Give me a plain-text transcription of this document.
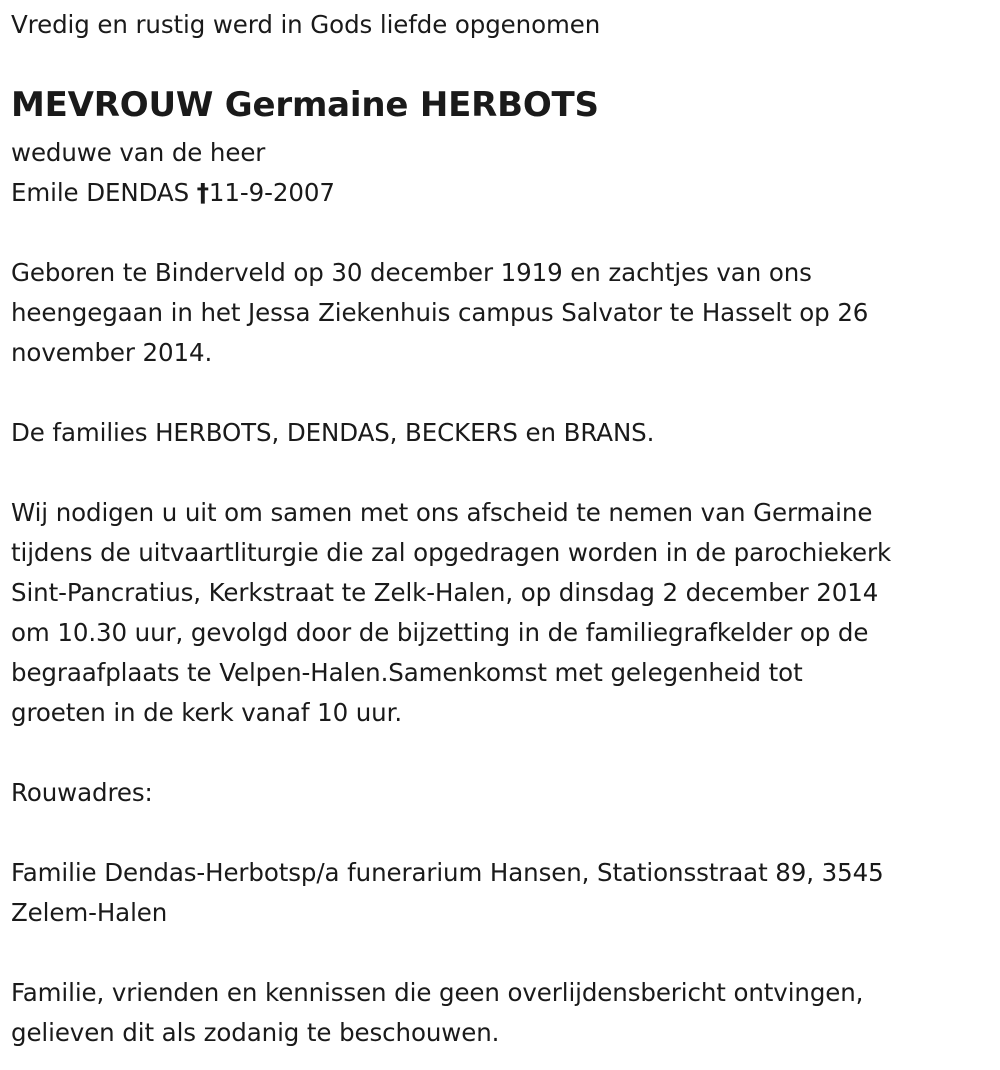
Vredig en rustig werd in Gods liefde opgenomen
MEVROUW Germaine HERBOTS
weduwe van de heer
Emile DENDAS †11-9-2007
Geboren te Binderveld op 30 december 1919 en zachtjes van ons
heengegaan in het Jessa Ziekenhuis campus Salvator te Hasselt op 26
november 2014.
De families HERBOTS, DENDAS, BECKERS en BRANS.
Wij nodigen u uit om samen met ons afscheid te nemen van Germaine
tijdens de uitvaartliturgie die zal opgedragen worden in de parochiekerk
Sint-Pancratius, Kerkstraat te Zelk-Halen, op dinsdag 2 december 2014
om 10.30 uur, gevolgd door de bijzetting in de familiegrafkelder op de
begraafplaats te Velpen-Halen.Samenkomst met gelegenheid tot
groeten in de kerk vanaf 10 uur.
Rouwadres:
Familie Dendas-Herbotsp/a funerarium Hansen, Stationsstraat 89, 3545
Zelem-Halen
Familie, vrienden en kennissen die geen overlijdensbericht ontvingen,
gelieven dit als zodanig te beschouwen.
